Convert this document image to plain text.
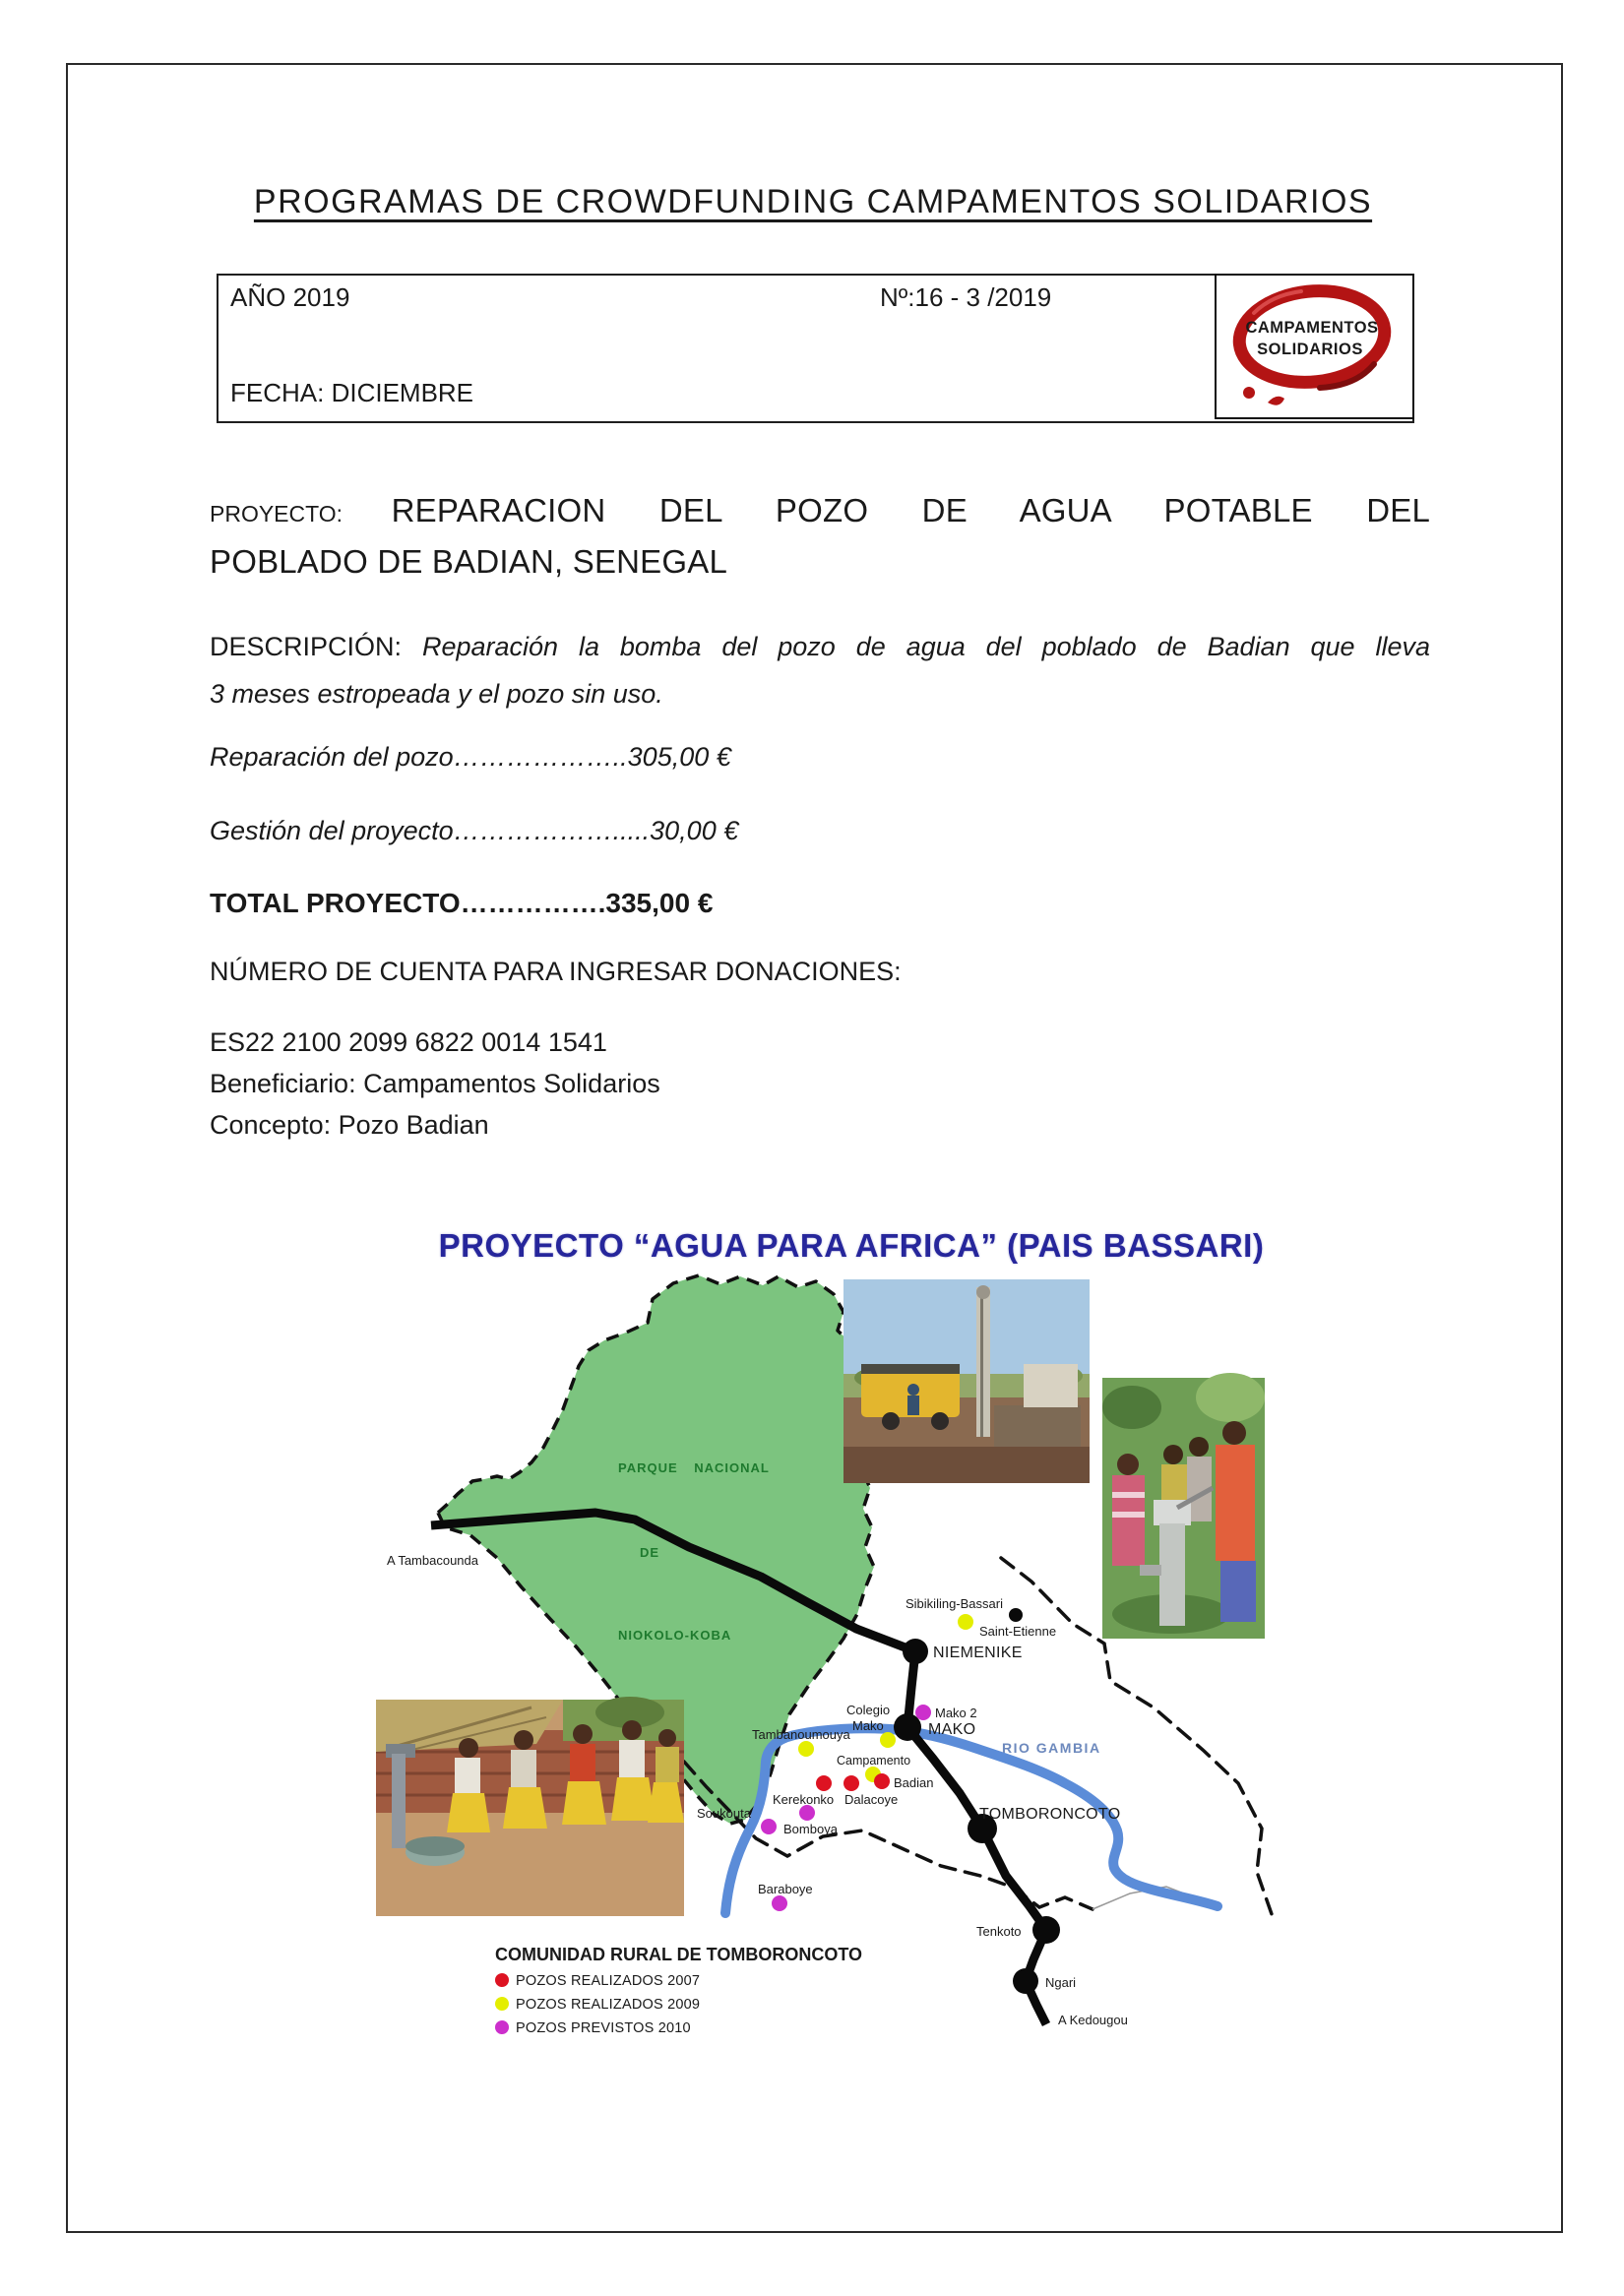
PROGRAMAS DE CROWDFUNDING CAMPAMENTOS SOLIDARIOS
AÑO 2019	Nº:16 - 3 /2019
FECHA: DICIEMBRE
CAMPAMENTOS
SOLIDARIOS
PROYECTO: REPARACION DEL POZO DE AGUA POTABLE DEL
POBLADO DE BADIAN, SENEGAL
DESCRIPCIÓN: Reparación la bomba del pozo de agua del poblado de Badian que lleva
3 meses estropeada y el pozo sin uso.
Reparación del pozo………………..305,00 €
Gestión del proyecto……………….....30,00 €
TOTAL PROYECTO…………….335,00 €
NÚMERO DE CUENTA PARA INGRESAR DONACIONES:
ES22 2100 2099 6822 0014 1541
Beneficiario: Campamentos Solidarios
Concepto: Pozo Badian
PROYECTO “AGUA PARA AFRICA” (PAIS BASSARI)
PARQUE NACIONAL
DE
NIOKOLO-KOBA
RIO GAMBIA
A Tambacounda
Sibikiling-Bassari
Saint-Etienne
NIEMENIKE
Colegio
Mako
Mako 2
MAKO
Tambanoumouya
Campamento
Kerekonko Dalacoye
Badian
Soukouta
Bomboya
Baraboye
TOMBORONCOTO
Tenkoto
Ngari
A Kedougou
COMUNIDAD RURAL DE TOMBORONCOTO
POZOS REALIZADOS 2007
POZOS REALIZADOS 2009
POZOS PREVISTOS 2010
